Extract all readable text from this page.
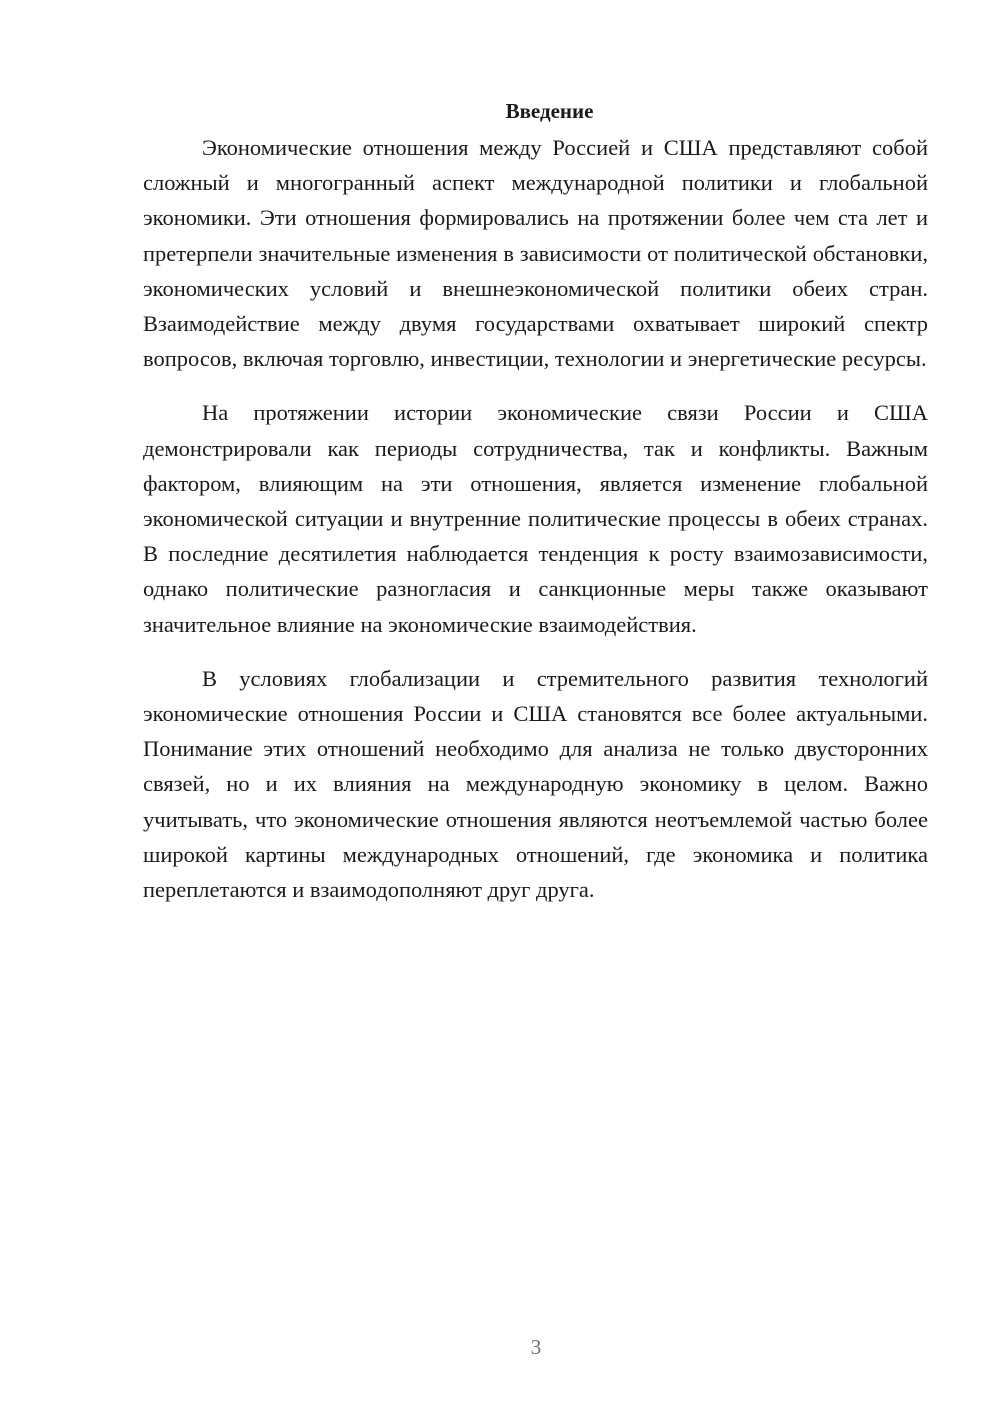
Введение

Экономические отношения между Россией и США представляют собой сложный и многогранный аспект международной политики и глобальной экономики. Эти отношения формировались на протяжении более чем ста лет и претерпели значительные изменения в зависимости от политической обстановки, экономических условий и внешнеэкономической политики обеих стран. Взаимодействие между двумя государствами охватывает широкий спектр вопросов, включая торговлю, инвестиции, технологии и энергетические ресурсы.

На протяжении истории экономические связи России и США демонстрировали как периоды сотрудничества, так и конфликты. Важным фактором, влияющим на эти отношения, является изменение глобальной экономической ситуации и внутренние политические процессы в обеих странах. В последние десятилетия наблюдается тенденция к росту взаимозависимости, однако политические разногласия и санкционные меры также оказывают значительное влияние на экономические взаимодействия.

В условиях глобализации и стремительного развития технологий экономические отношения России и США становятся все более актуальными. Понимание этих отношений необходимо для анализа не только двусторонних связей, но и их влияния на международную экономику в целом. Важно учитывать, что экономические отношения являются неотъемлемой частью более широкой картины международных отношений, где экономика и политика переплетаются и взаимодополняют друг друга.

3
